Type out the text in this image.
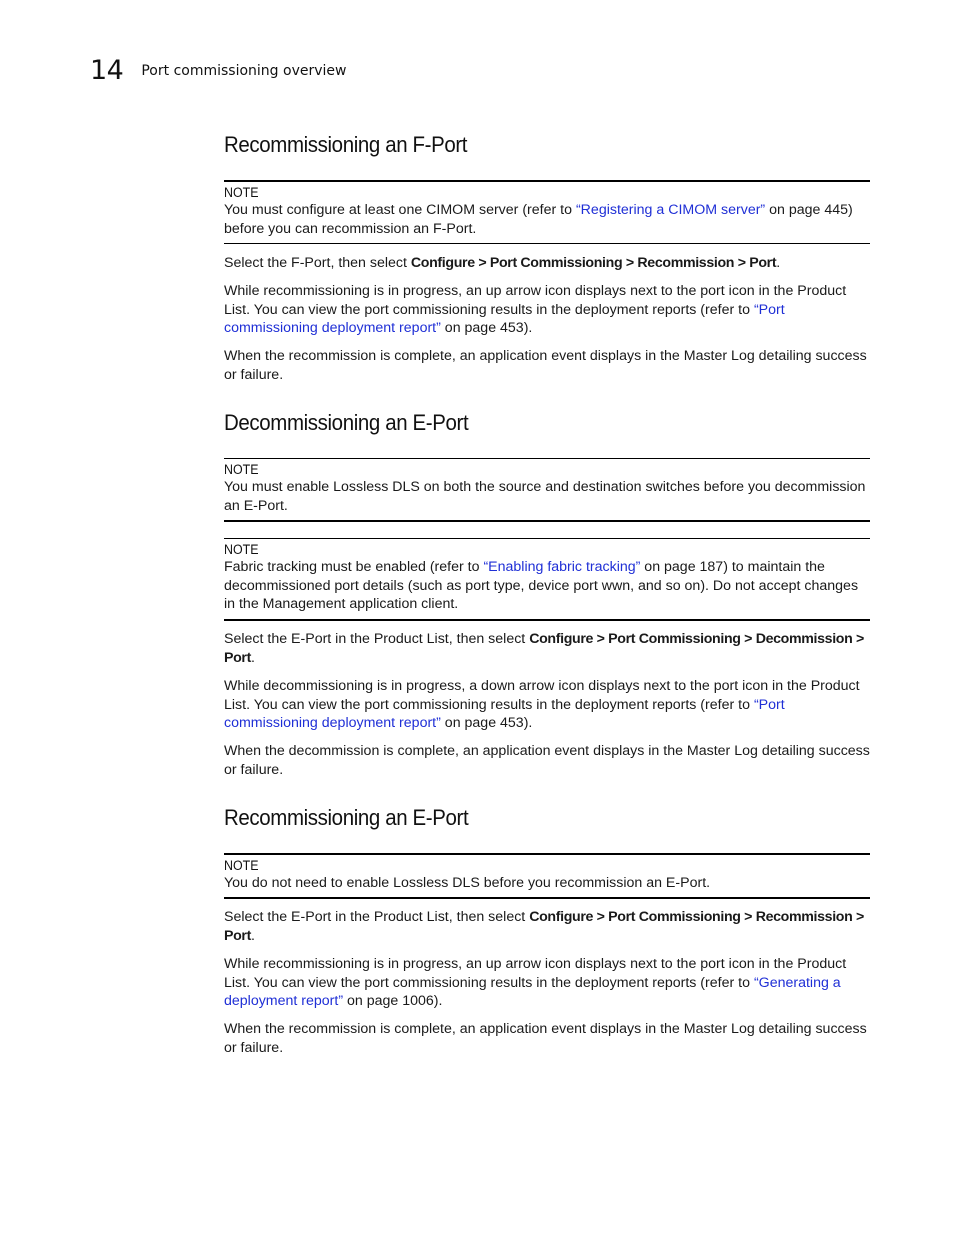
14 Port commissioning overview
Recommissioning an F-Port
NOTE

You must configure at least one CIMOM server (refer to “Registering a CIMOM server” on page 445) before you can recommission an F-Port.

Select the F-Port, then select Configure > Port Commissioning > Recommission > Port.

While recommissioning is in progress, an up arrow icon displays next to the port icon in the Product List. You can view the port commissioning results in the deployment reports (refer to “Port commissioning deployment report” on page 453).

When the recommission is complete, an application event displays in the Master Log detailing success or failure.

Decommissioning an E-Port
NOTE

You must enable Lossless DLS on both the source and destination switches before you decommission an E-Port.

NOTE

Fabric tracking must be enabled (refer to “Enabling fabric tracking” on page 187) to maintain the decommissioned port details (such as port type, device port wwn, and so on). Do not accept changes in the Management application client.

Select the E-Port in the Product List, then select Configure > Port Commissioning > Decommission > Port.

While decommissioning is in progress, a down arrow icon displays next to the port icon in the Product List. You can view the port commissioning results in the deployment reports (refer to “Port commissioning deployment report” on page 453).

When the decommission is complete, an application event displays in the Master Log detailing success or failure.

Recommissioning an E-Port
NOTE

You do not need to enable Lossless DLS before you recommission an E-Port.

Select the E-Port in the Product List, then select Configure > Port Commissioning > Recommission > Port.

While recommissioning is in progress, an up arrow icon displays next to the port icon in the Product List. You can view the port commissioning results in the deployment reports (refer to “Generating a deployment report” on page 1006).

When the recommission is complete, an application event displays in the Master Log detailing success or failure.
